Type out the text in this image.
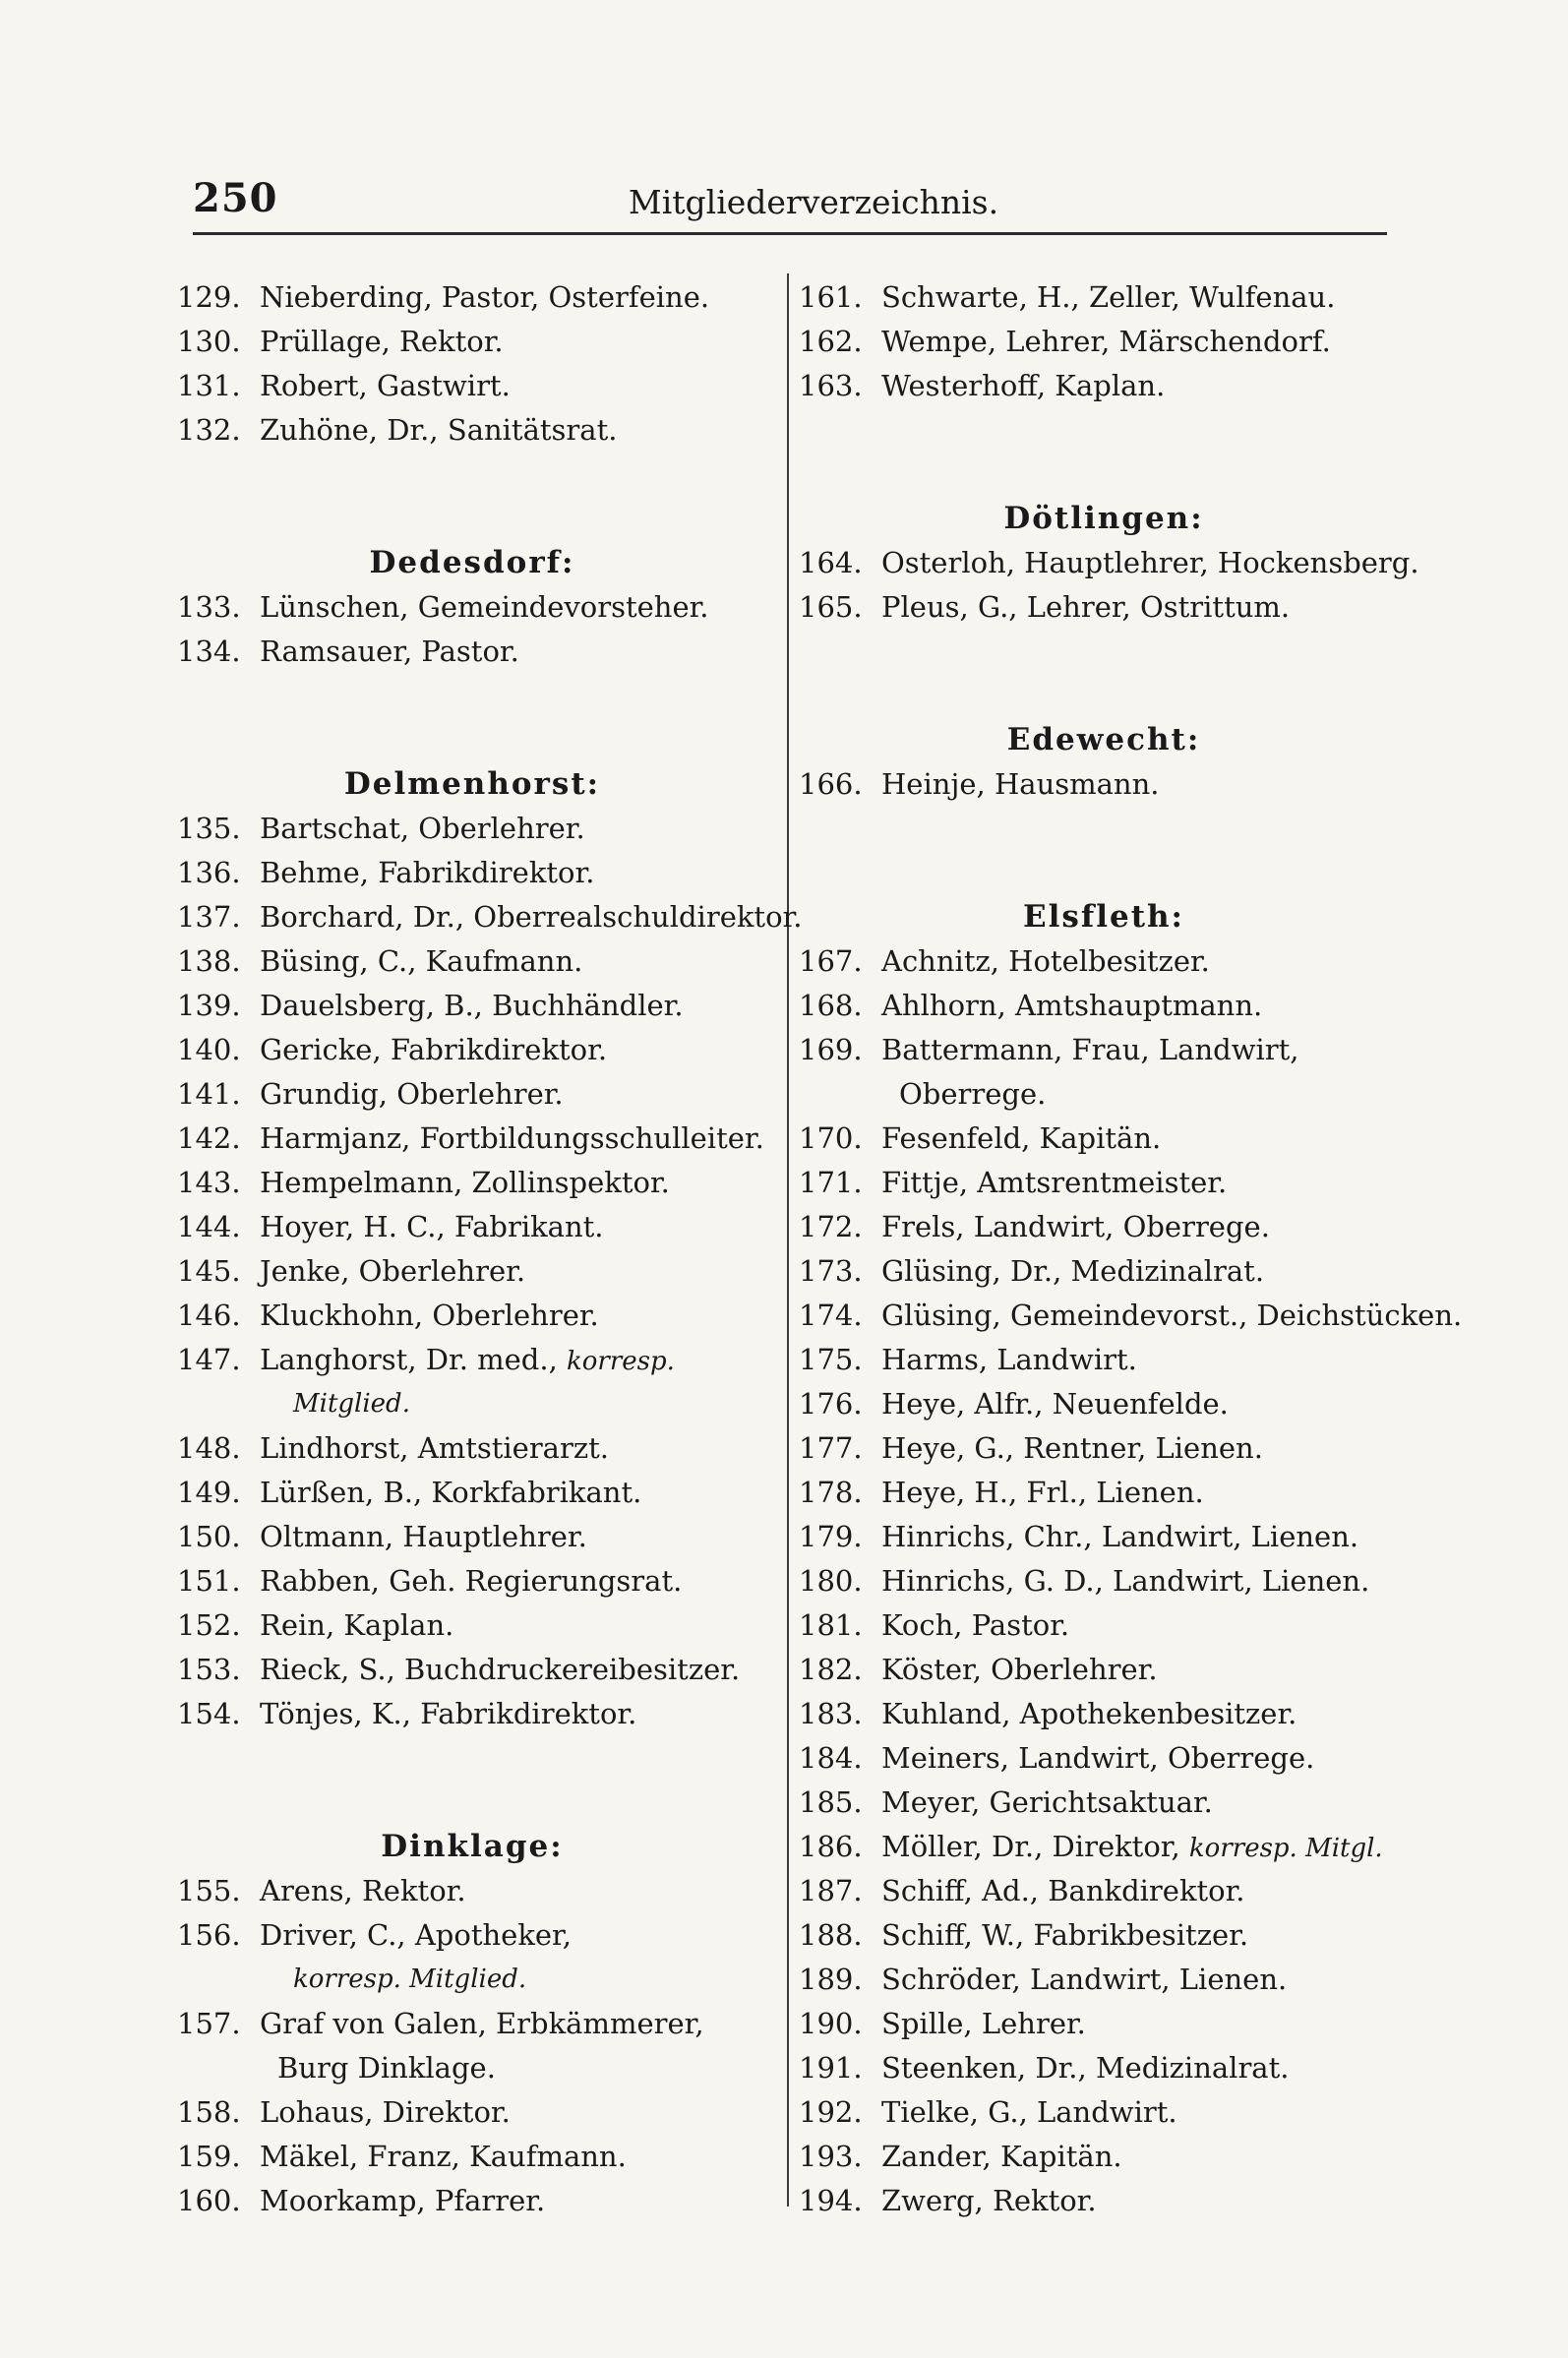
250	Mitgliederverzeichnis.
129. Nieberding, Pastor, Osterfeine.
130. Prüllage, Rektor.
131. Robert, Gastwirt.
132. Zuhöne, Dr., Sanitätsrat.
Dedesdorf:
133. Lünschen, Gemeindevorsteher.
134. Ramsauer, Pastor.
Delmenhorst:
135. Bartschat, Oberlehrer.
136. Behme, Fabrikdirektor.
137. Borchard, Dr., Oberrealschuldirektor.
138. Büsing, C., Kaufmann.
139. Dauelsberg, B., Buchhändler.
140. Gericke, Fabrikdirektor.
141. Grundig, Oberlehrer.
142. Harmjanz, Fortbildungsschulleiter.
143. Hempelmann, Zollinspektor.
144. Hoyer, H. C., Fabrikant.
145. Jenke, Oberlehrer.
146. Kluckhohn, Oberlehrer.
147. Langhorst, Dr. med., korresp.
Mitglied.
148. Lindhorst, Amtstierarzt.
149. Lürßen, B., Korkfabrikant.
150. Oltmann, Hauptlehrer.
151. Rabben, Geh. Regierungsrat.
152. Rein, Kaplan.
153. Rieck, S., Buchdruckereibesitzer.
154. Tönjes, K., Fabrikdirektor.
Dinklage:
155. Arens, Rektor.
156. Driver, C., Apotheker,
korresp. Mitglied.
157. Graf von Galen, Erbkämmerer,
Burg Dinklage.
158. Lohaus, Direktor.
159. Mäkel, Franz, Kaufmann.
160. Moorkamp, Pfarrer.
161. Schwarte, H., Zeller, Wulfenau.
162. Wempe, Lehrer, Märschendorf.
163. Westerhoff, Kaplan.
Dötlingen:
164. Osterloh, Hauptlehrer, Hockensberg.
165. Pleus, G., Lehrer, Ostrittum.
Edewecht:
166. Heinje, Hausmann.
Elsfleth:
167. Achnitz, Hotelbesitzer.
168. Ahlhorn, Amtshauptmann.
169. Battermann, Frau, Landwirt,
Oberrege.
170. Fesenfeld, Kapitän.
171. Fittje, Amtsrentmeister.
172. Frels, Landwirt, Oberrege.
173. Glüsing, Dr., Medizinalrat.
174. Glüsing, Gemeindevorst., Deichstücken.
175. Harms, Landwirt.
176. Heye, Alfr., Neuenfelde.
177. Heye, G., Rentner, Lienen.
178. Heye, H., Frl., Lienen.
179. Hinrichs, Chr., Landwirt, Lienen.
180. Hinrichs, G. D., Landwirt, Lienen.
181. Koch, Pastor.
182. Köster, Oberlehrer.
183. Kuhland, Apothekenbesitzer.
184. Meiners, Landwirt, Oberrege.
185. Meyer, Gerichtsaktuar.
186. Möller, Dr., Direktor, korresp. Mitgl.
187. Schiff, Ad., Bankdirektor.
188. Schiff, W., Fabrikbesitzer.
189. Schröder, Landwirt, Lienen.
190. Spille, Lehrer.
191. Steenken, Dr., Medizinalrat.
192. Tielke, G., Landwirt.
193. Zander, Kapitän.
194. Zwerg, Rektor.
